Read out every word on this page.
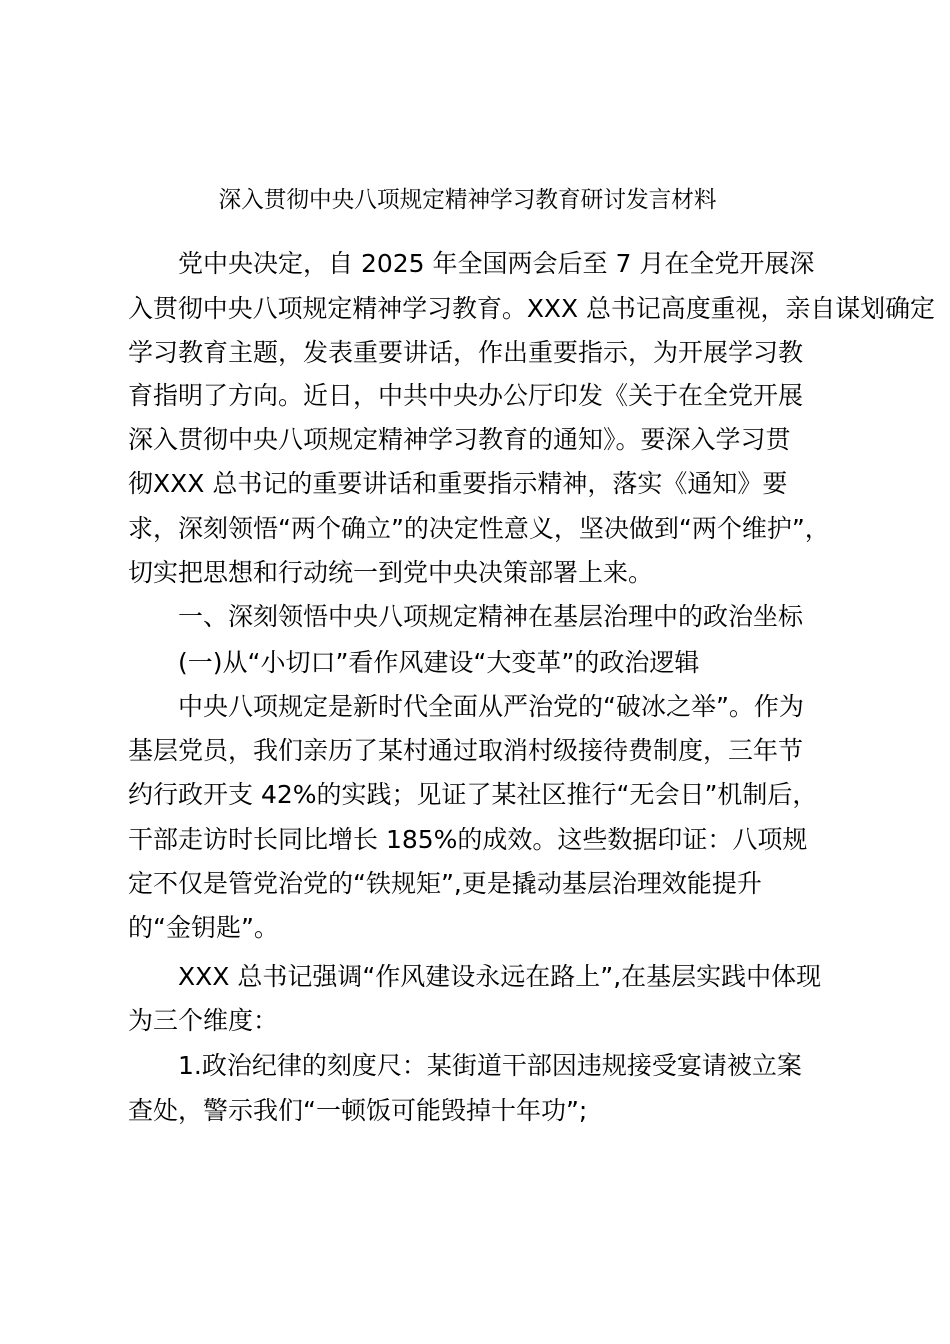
深入贯彻中央八项规定精神学习教育研讨发言材料
党中央决定，自 2025 年全国两会后至 7 月在全党开展深
入贯彻中央八项规定精神学习教育。XXX 总书记高度重视，亲自谋划确定
学习教育主题，发表重要讲话，作出重要指示，为开展学习教
育指明了方向。近日，中共中央办公厅印发《关于在全党开展
深入贯彻中央八项规定精神学习教育的通知》。要深入学习贯
彻XXX 总书记的重要讲话和重要指示精神，落实《通知》要
求，深刻领悟“两个确立”的决定性意义，坚决做到“两个维护”，
切实把思想和行动统一到党中央决策部署上来。
一、深刻领悟中央八项规定精神在基层治理中的政治坐标
(一)从“小切口”看作风建设“大变革”的政治逻辑
中央八项规定是新时代全面从严治党的“破冰之举”。作为
基层党员，我们亲历了某村通过取消村级接待费制度，三年节
约行政开支 42%的实践；见证了某社区推行“无会日”机制后，
干部走访时长同比增长 185%的成效。这些数据印证：八项规
定不仅是管党治党的“铁规矩”,更是撬动基层治理效能提升
的“金钥匙”。
XXX 总书记强调“作风建设永远在路上”,在基层实践中体现
为三个维度：
1.政治纪律的刻度尺：某街道干部因违规接受宴请被立案
查处，警示我们“一顿饭可能毁掉十年功”;
